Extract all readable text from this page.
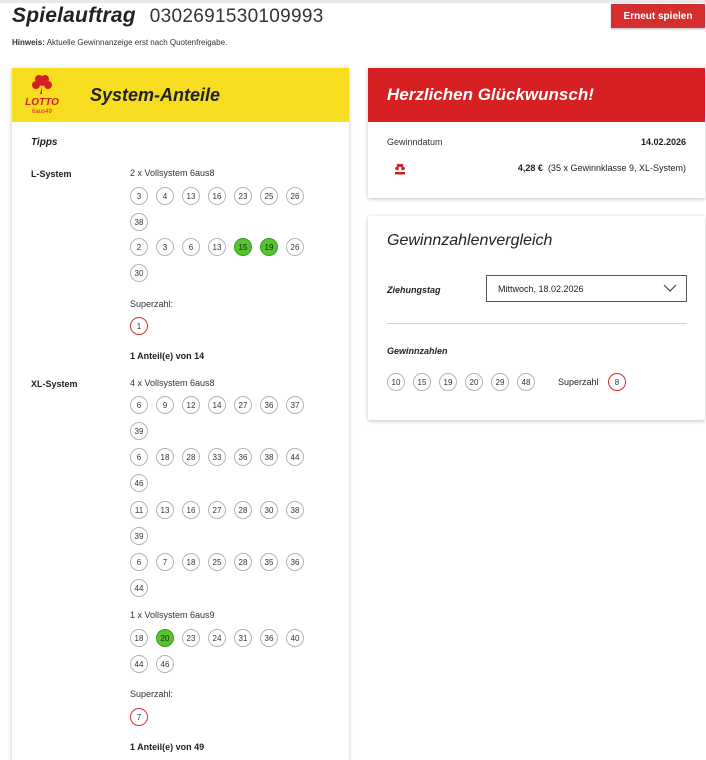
Spielauftrag 0302691530109993	Erneut spielen
Hinweis: Aktuelle Gewinnanzeige erst nach Quotenfreigabe.
LOTTO
6aus49
System-Anteile
Tipps
L-System	2 x Vollsystem 6aus8
3	4	13	16	23	25	26
38
2	3	6	13	15	19	26
30
Superzahl:
1
1 Anteil(e) von 14
XL-System	4 x Vollsystem 6aus8
6	9	12	14	27	36	37
39
6	18	28	33	36	38	44
46
11	13	16	27	28	30	38
39
6	7	18	25	28	35	36
44
1 x Vollsystem 6aus9
18	20	23	24	31	36	40
44	46
Superzahl:
7
1 Anteil(e) von 49
Herzlichen Glückwunsch!
Gewinndatum	14.02.2026
4,28 € (35 x Gewinnklasse 9, XL-System)
Gewinnzahlenvergleich
Ziehungstag	Mittwoch, 18.02.2026
Gewinnzahlen
10	15	19	20	29	48	Superzahl	8
